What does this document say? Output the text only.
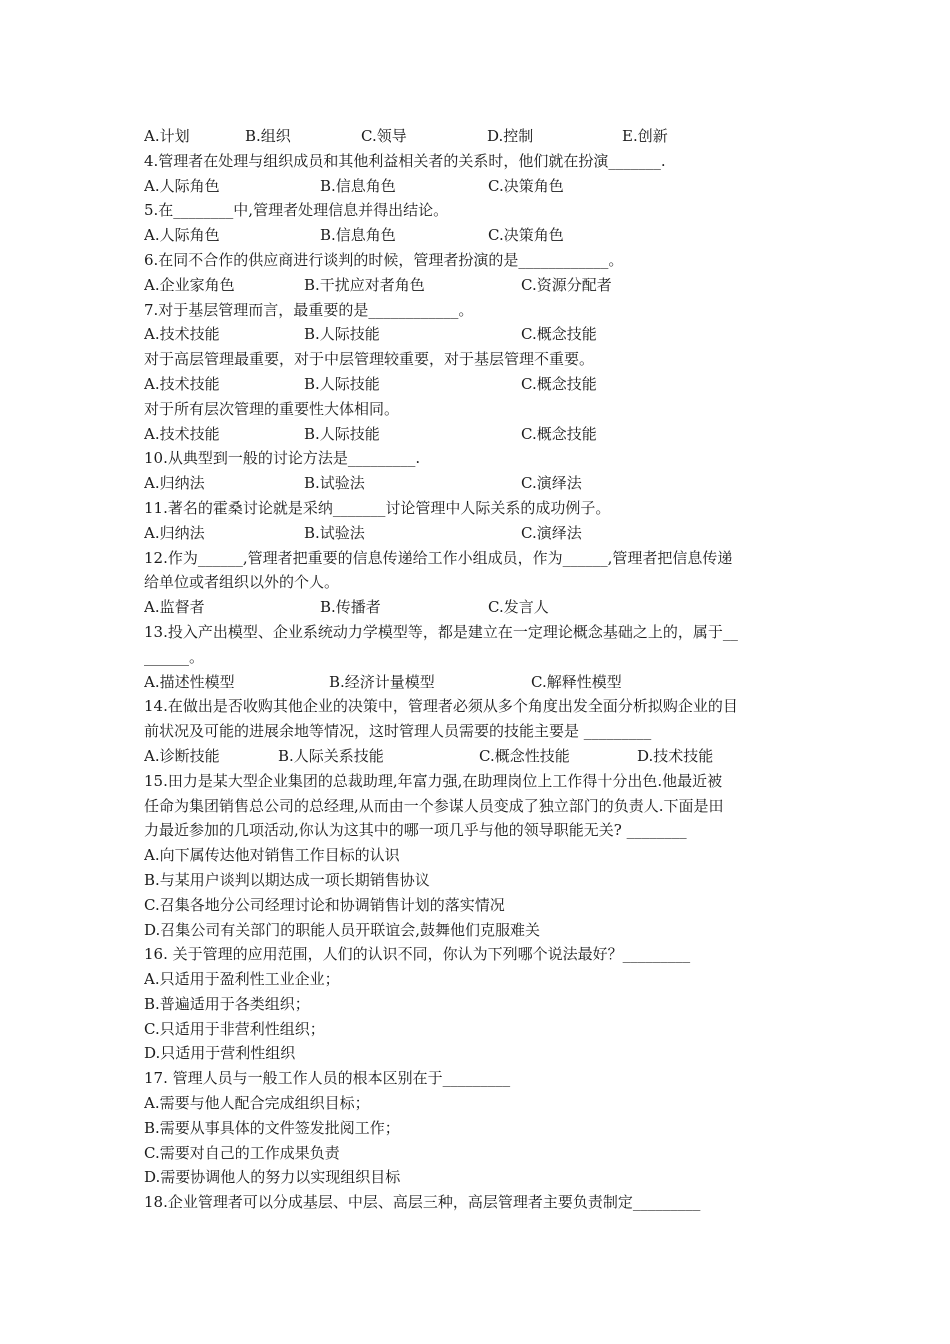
A.计划	B.组织	C.领导	D.控制	E.创新
4.管理者在处理与组织成员和其他利益相关者的关系时，他们就在扮演_______.
A.人际角色	B.信息角色	C.决策角色
5.在________中,管理者处理信息并得出结论。
A.人际角色	B.信息角色	C.决策角色
6.在同不合作的供应商进行谈判的时候，管理者扮演的是____________。
A.企业家角色	B.干扰应对者角色	C.资源分配者
7.对于基层管理而言，最重要的是____________。
A.技术技能	B.人际技能	C.概念技能
对于高层管理最重要，对于中层管理较重要，对于基层管理不重要。
A.技术技能	B.人际技能	C.概念技能
对于所有层次管理的重要性大体相同。
A.技术技能	B.人际技能	C.概念技能
10.从典型到一般的讨论方法是_________.
A.归纳法	B.试验法	C.演绎法
11.著名的霍桑讨论就是采纳_______讨论管理中人际关系的成功例子。
A.归纳法	B.试验法	C.演绎法
12.作为______,管理者把重要的信息传递给工作小组成员，作为______,管理者把信息传递
给单位或者组织以外的个人。
A.监督者	B.传播者	C.发言人
13.投入产出模型、企业系统动力学模型等，都是建立在一定理论概念基础之上的，属于__
______。
A.描述性模型	B.经济计量模型	C.解释性模型
14.在做出是否收购其他企业的决策中，管理者必须从多个角度出发全面分析拟购企业的目
前状况及可能的进展余地等情况，这时管理人员需要的技能主要是 _________
A.诊断技能	B.人际关系技能	C.概念性技能	D.技术技能
15.田力是某大型企业集团的总裁助理,年富力强,在助理岗位上工作得十分出色.他最近被
任命为集团销售总公司的总经理,从而由一个参谋人员变成了独立部门的负责人.下面是田
力最近参加的几项活动,你认为这其中的哪一项几乎与他的领导职能无关? ________
A.向下属传达他对销售工作目标的认识
B.与某用户谈判以期达成一项长期销售协议
C.召集各地分公司经理讨论和协调销售计划的落实情况
D.召集公司有关部门的职能人员开联谊会,鼓舞他们克服难关
16. 关于管理的应用范围，人们的认识不同，你认为下列哪个说法最好？_________
A.只适用于盈利性工业企业；
B.普遍适用于各类组织；
C.只适用于非营利性组织；
D.只适用于营利性组织
17. 管理人员与一般工作人员的根本区别在于_________
A.需要与他人配合完成组织目标；
B.需要从事具体的文件签发批阅工作；
C.需要对自己的工作成果负责
D.需要协调他人的努力以实现组织目标
18.企业管理者可以分成基层、中层、高层三种，高层管理者主要负责制定_________
